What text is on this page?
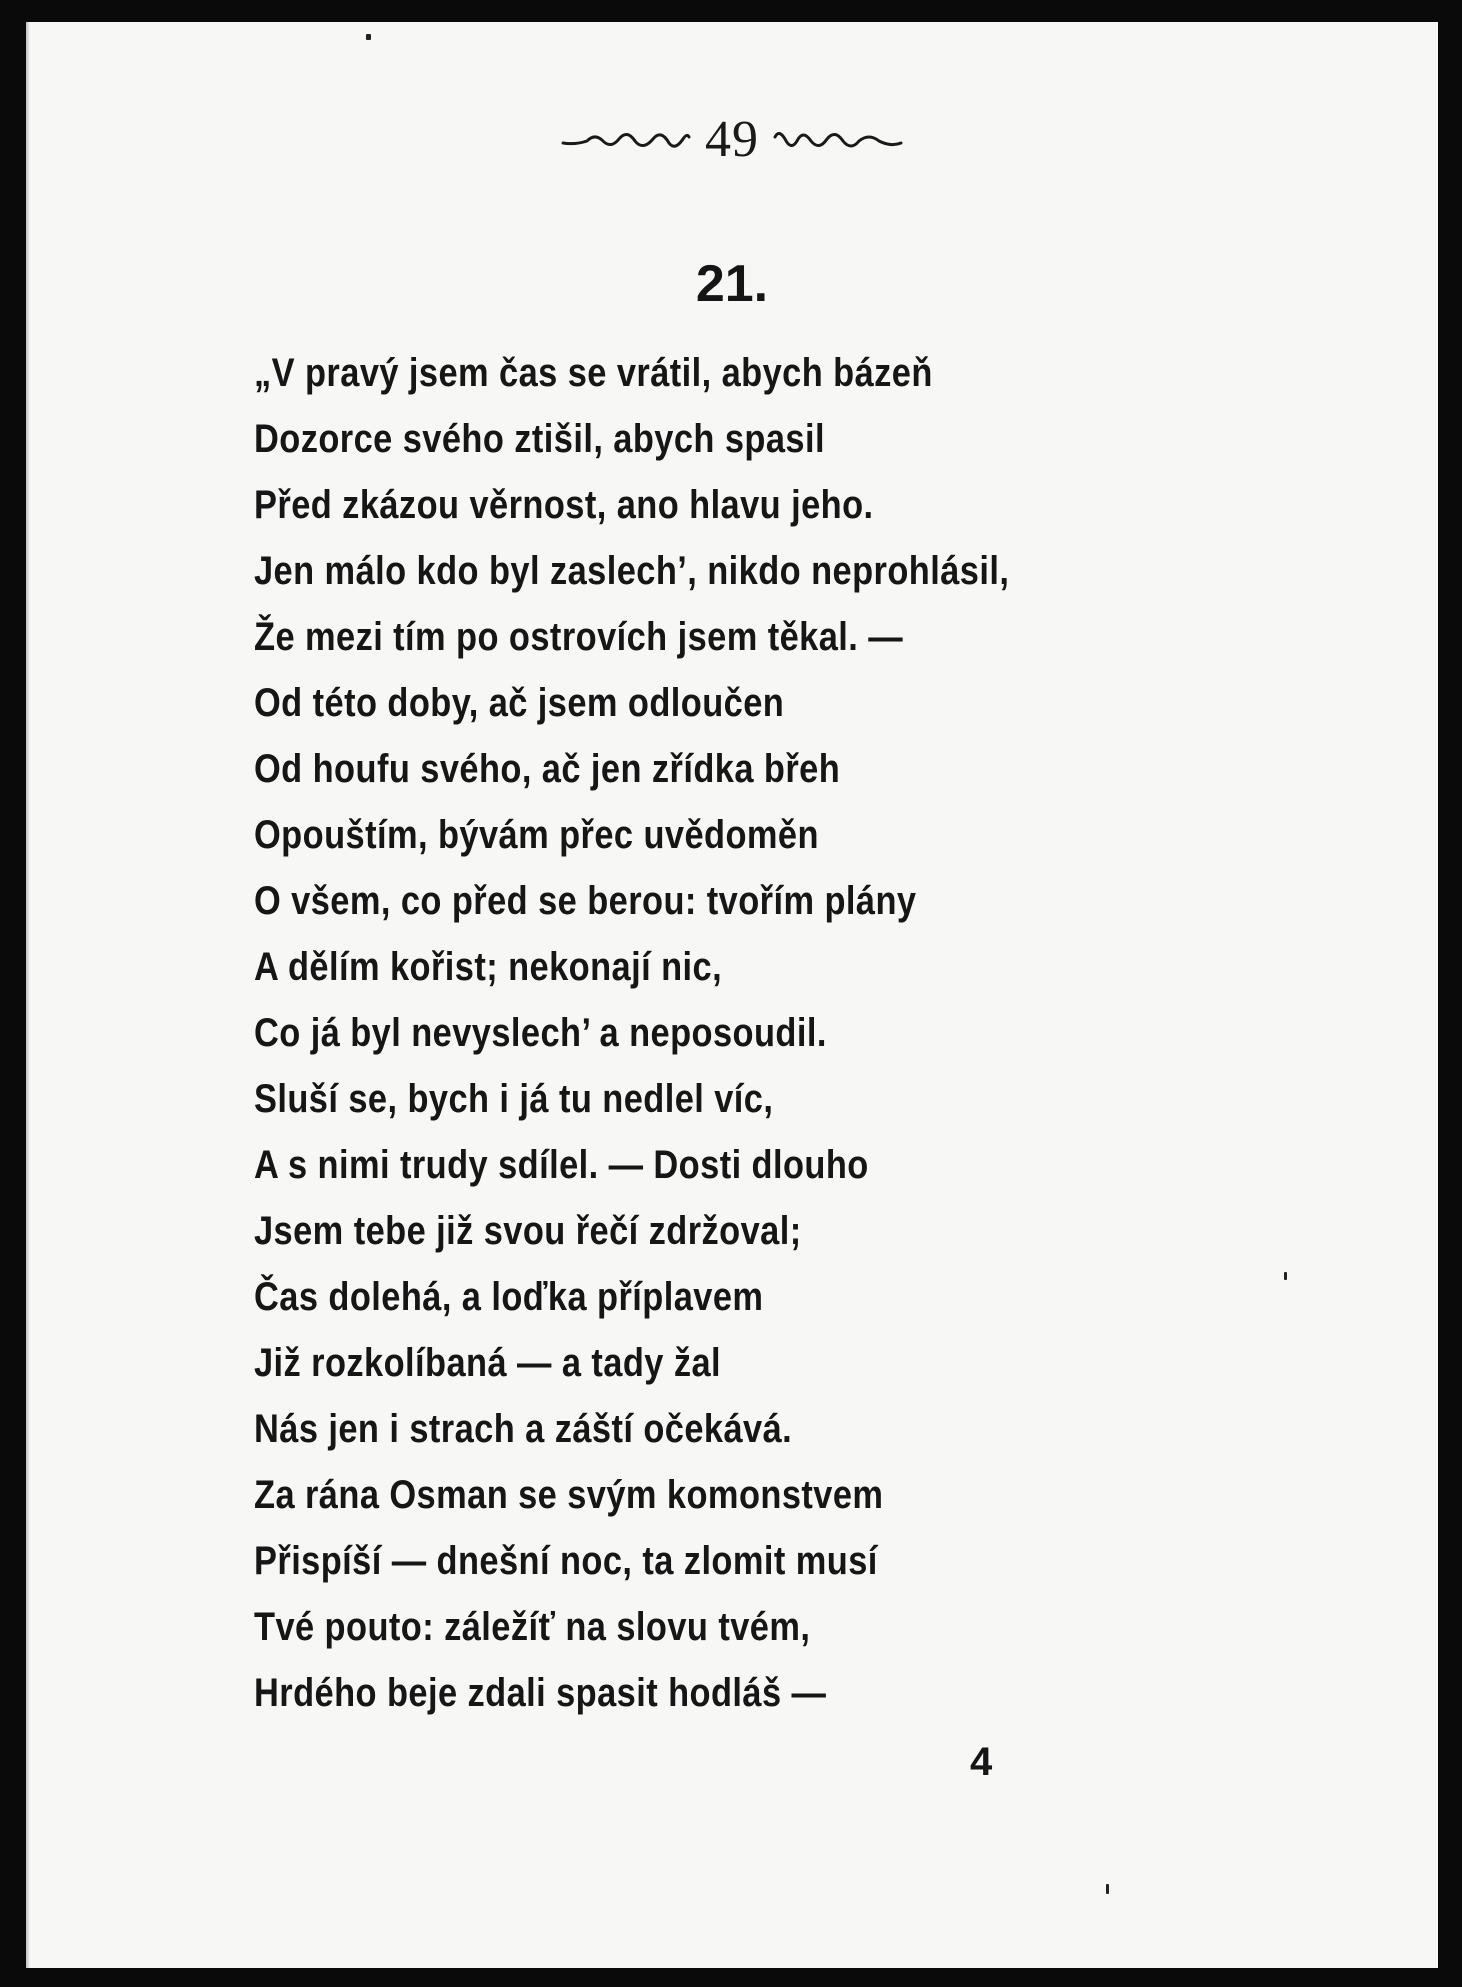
49
21.
„V pravý jsem čas se vrátil, abych bázeň
Dozorce svého ztišil, abych spasil
Před zkázou věrnost, ano hlavu jeho.
Jen málo kdo byl zaslech’, nikdo neprohlásil,
Že mezi tím po ostrovích jsem těkal. —
Od této doby, ač jsem odloučen
Od houfu svého, ač jen zřídka břeh
Opouštím, bývám přec uvědoměn
O všem, co před se berou: tvořím plány
A dělím kořist; nekonají nic,
Co já byl nevyslech’ a neposoudil.
Sluší se, bych i já tu nedlel víc,
A s nimi trudy sdílel. — Dosti dlouho
Jsem tebe již svou řečí zdržoval;
Čas dolehá, a loďka příplavem
Již rozkolíbaná — a tady žal
Nás jen i strach a záští očekává.
Za rána Osman se svým komonstvem
Přispíší — dnešní noc, ta zlomit musí
Tvé pouto: záležíť na slovu tvém,
Hrdého beje zdali spasit hodláš —
4
